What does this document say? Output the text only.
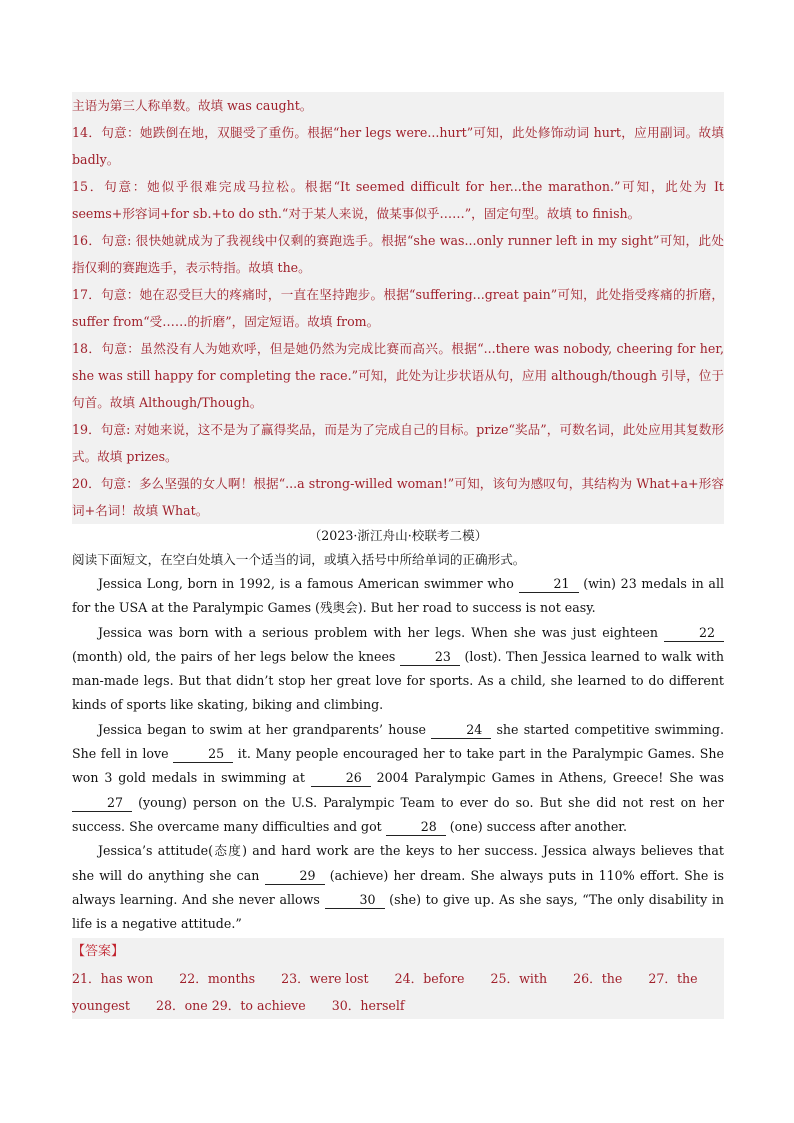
主语为第三人称单数。故填 was caught。

14．句意：她跌倒在地，双腿受了重伤。根据“her legs were...hurt”可知，此处修饰动词 hurt，应用副词。故填 badly。

15．句意：她似乎很难完成马拉松。根据“It seemed difficult for her...the marathon.”可知，此处为 It seems+形容词+for sb.+to do sth.“对于某人来说，做某事似乎……”，固定句型。故填 to finish。

16．句意: 很快她就成为了我视线中仅剩的赛跑选手。根据“she was...only runner left in my sight”可知，此处指仅剩的赛跑选手，表示特指。故填 the。

17．句意：她在忍受巨大的疼痛时，一直在坚持跑步。根据“suffering...great pain”可知，此处指受疼痛的折磨，suffer from“受……的折磨”，固定短语。故填 from。

18．句意：虽然没有人为她欢呼，但是她仍然为完成比赛而高兴。根据“...there was nobody, cheering for her, she was still happy for completing the race.”可知，此处为让步状语从句，应用 although/though 引导，位于句首。故填 Although/Though。

19．句意: 对她来说，这不是为了赢得奖品，而是为了完成自己的目标。prize“奖品”，可数名词，此处应用其复数形式。故填 prizes。

20．句意：多么坚强的女人啊！根据“...a strong-willed woman!”可知，该句为感叹句，其结构为 What+a+形容词+名词！故填 What。

（2023·浙江舟山·校联考二模）

阅读下面短文，在空白处填入一个适当的词，或填入括号中所给单词的正确形式。

Jessica Long, born in 1992, is a famous American swimmer who	21 (win) 23 medals in all for the USA at the Paralympic Games (残奥会). But her road to success is not easy.

Jessica was born with a serious problem with her legs. When she was just eighteen	22 (month) old, the pairs of her legs below the knees	23 (lost). Then Jessica learned to walk with man-made legs. But that didn’t stop her great love for sports. As a child, she learned to do different kinds of sports like skating, biking and climbing.

Jessica began to swim at her grandparents’ house	24 she started competitive swimming. She fell in love	25 it. Many people encouraged her to take part in the Paralympic Games. She won 3 gold medals in swimming at	26 2004 Paralympic Games in Athens, Greece! She was 27 (young) person on the U.S. Paralympic Team to ever do so. But she did not rest on her success. She overcame many difficulties and got	28 (one) success after another.

Jessica’s attitude(态度) and hard work are the keys to her success. Jessica always believes that she will do anything she can	29 (achieve) her dream. She always puts in 110% effort. She is always learning. And she never allows	30 (she) to give up. As she says, “The only disability in life is a negative attitude.”

【答案】
21．has won 22．months 23．were lost 24．before 25．with 26．the 27．the
youngest 28．one 29．to achieve 30．herself
